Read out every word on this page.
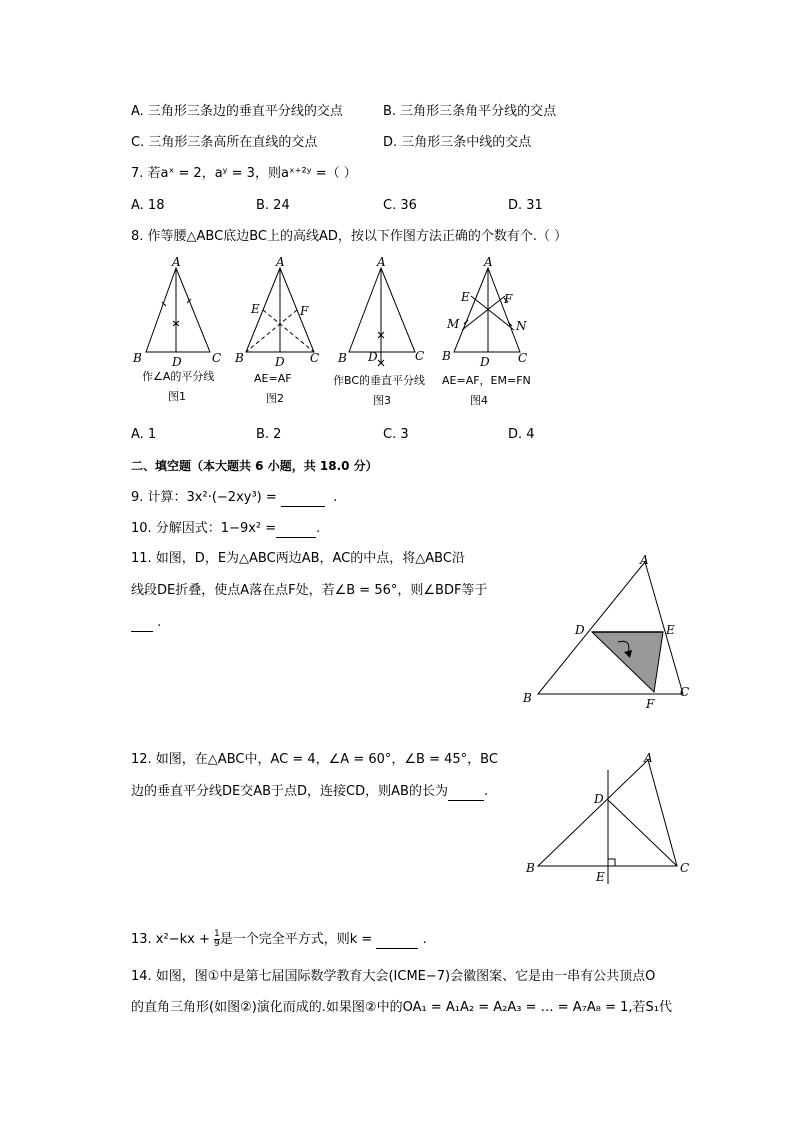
A. 三角形三条边的垂直平分线的交点	B. 三角形三条角平分线的交点
C. 三角形三条高所在直线的交点	D. 三角形三条中线的交点
7. 若aˣ = 2，aʸ = 3，则aˣ⁺²ʸ =（ ）
A. 18	B. 24	C. 36	D. 31
8. 作等腰△ABC底边BC上的高线AD，按以下作图方法正确的个数有个.（ ）
A
B	D	C
作∠A的平分线
图1
A
E	F
B	D C
AE=AF
图2
A
B D	C
作BC的垂直平分线
图3
A
E	F
M	N
B D C
AE=AF，EM=FN
图4
A. 1	B. 2	C. 3	D. 4
二、填空题（本大题共 6 小题，共 18.0 分）
9. 计算：3x²·(−2xy³) =	.
10. 分解因式：1−9x² =	.
11. 如图，D，E为△ABC两边AB，AC的中点，将△ABC沿
线段DE折叠，使点A落在点F处，若∠B = 56°，则∠BDF等于
.
A
D	E
B	C
F
12. 如图，在△ABC中，AC = 4，∠A = 60°，∠B = 45°，BC
边的垂直平分线DE交AB于点D，连接CD，则AB的长为	.
A
D
B	C
E
13. $x^2-kx + \frac{1}{9}$ 是一个完全平方式，则k =	.
14. 如图，图①中是第七届国际数学教育大会(ICME−7)会徽图案、它是由一串有公共顶点O
的直角三角形(如图②)演化而成的.如果图②中的OA₁ = A₁A₂ = A₂A₃ = … = A₇A₈ = 1,若S₁代
